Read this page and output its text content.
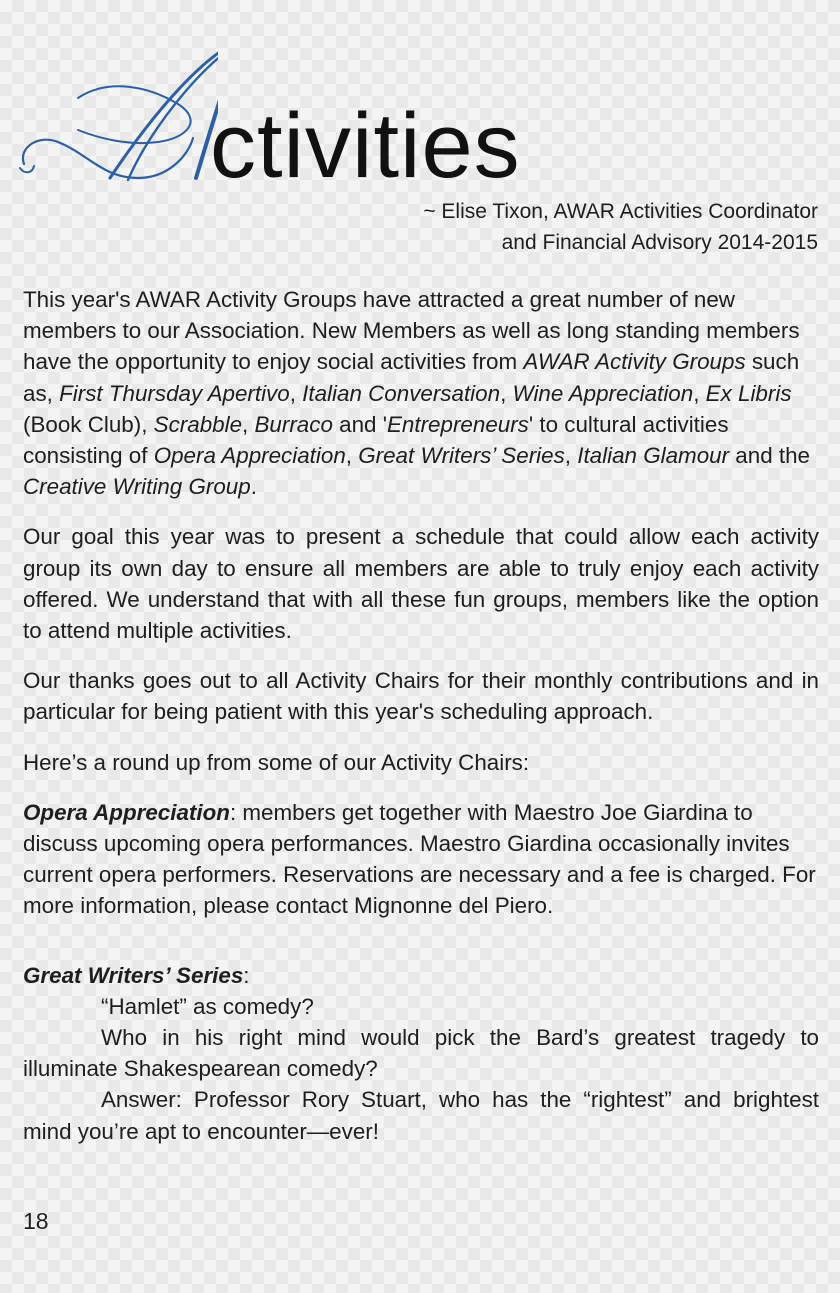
ctivities
~ Elise Tixon, AWAR Activities Coordinator
and Financial Advisory 2014-2015

This year's AWAR Activity Groups have attracted a great number of new members to our Association. New Members as well as long standing members have the opportunity to enjoy social activities from AWAR Activity Groups such as, First Thursday Apertivo, Italian Conversation, Wine Appreciation, Ex Libris (Book Club), Scrabble, Burraco and 'Entrepreneurs' to cultural activities consisting of Opera Appreciation, Great Writers’ Series, Italian Glamour and the Creative Writing Group.

Our goal this year was to present a schedule that could allow each activity group its own day to ensure all members are able to truly enjoy each activity offered. We understand that with all these fun groups, members like the option to attend multiple activities.

Our thanks goes out to all Activity Chairs for their monthly contributions and in particular for being patient with this year's scheduling approach.

Here’s a round up from some of our Activity Chairs:

Opera Appreciation: members get together with Maestro Joe Giardina to discuss upcoming opera performances. Maestro Giardina occasionally invites current opera performers. Reservations are necessary and a fee is charged. For more information, please contact Mignonne del Piero.

Great Writers’ Series:

“Hamlet” as comedy?

Who in his right mind would pick the Bard’s greatest tragedy to illuminate Shakespearean comedy?

Answer: Professor Rory Stuart, who has the “rightest” and brightest mind you’re apt to encounter—ever!

18
